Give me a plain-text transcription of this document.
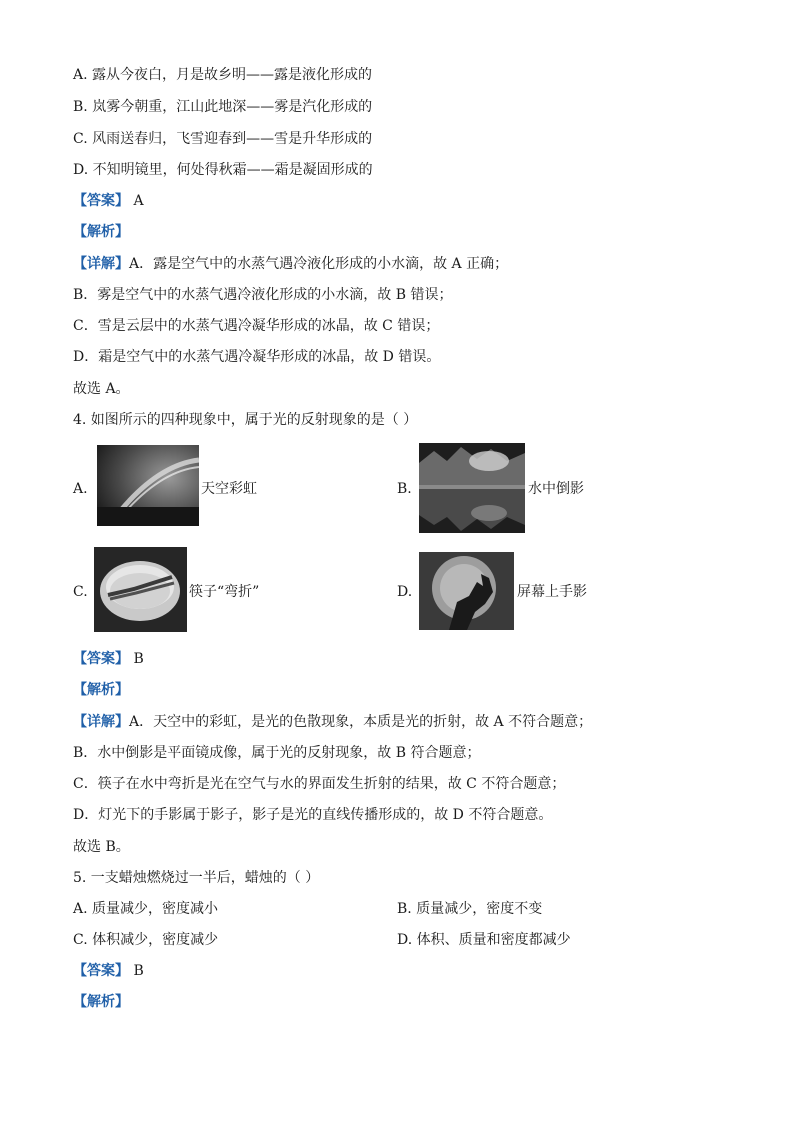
A. 露从今夜白，月是故乡明——露是液化形成的
B. 岚雾今朝重，江山此地深——雾是汽化形成的
C. 风雨送春归，飞雪迎春到——雪是升华形成的
D. 不知明镜里，何处得秋霜——霜是凝固形成的
【答案】 A
【解析】
【详解】A．露是空气中的水蒸气遇冷液化形成的小水滴，故 A 正确；
B．雾是空气中的水蒸气遇冷液化形成的小水滴，故 B 错误；
C．雪是云层中的水蒸气遇冷凝华形成的冰晶，故 C 错误；
D．霜是空气中的水蒸气遇冷凝华形成的冰晶，故 D 错误。
故选 A。
4. 如图所示的四种现象中，属于光的反射现象的是（ ）
A.	天空彩虹	B.	水中倒影
C.	筷子“弯折”	D.	屏幕上手影
【答案】 B
【解析】
【详解】A．天空中的彩虹，是光的色散现象，本质是光的折射，故 A 不符合题意；
B．水中倒影是平面镜成像，属于光的反射现象，故 B 符合题意；
C．筷子在水中弯折是光在空气与水的界面发生折射的结果，故 C 不符合题意；
D．灯光下的手影属于影子，影子是光的直线传播形成的，故 D 不符合题意。
故选 B。
5. 一支蜡烛燃烧过一半后，蜡烛的（ ）
A. 质量减少，密度减小	B. 质量减少，密度不变
C. 体积减少，密度减少	D. 体积、质量和密度都减少
【答案】 B
【解析】
